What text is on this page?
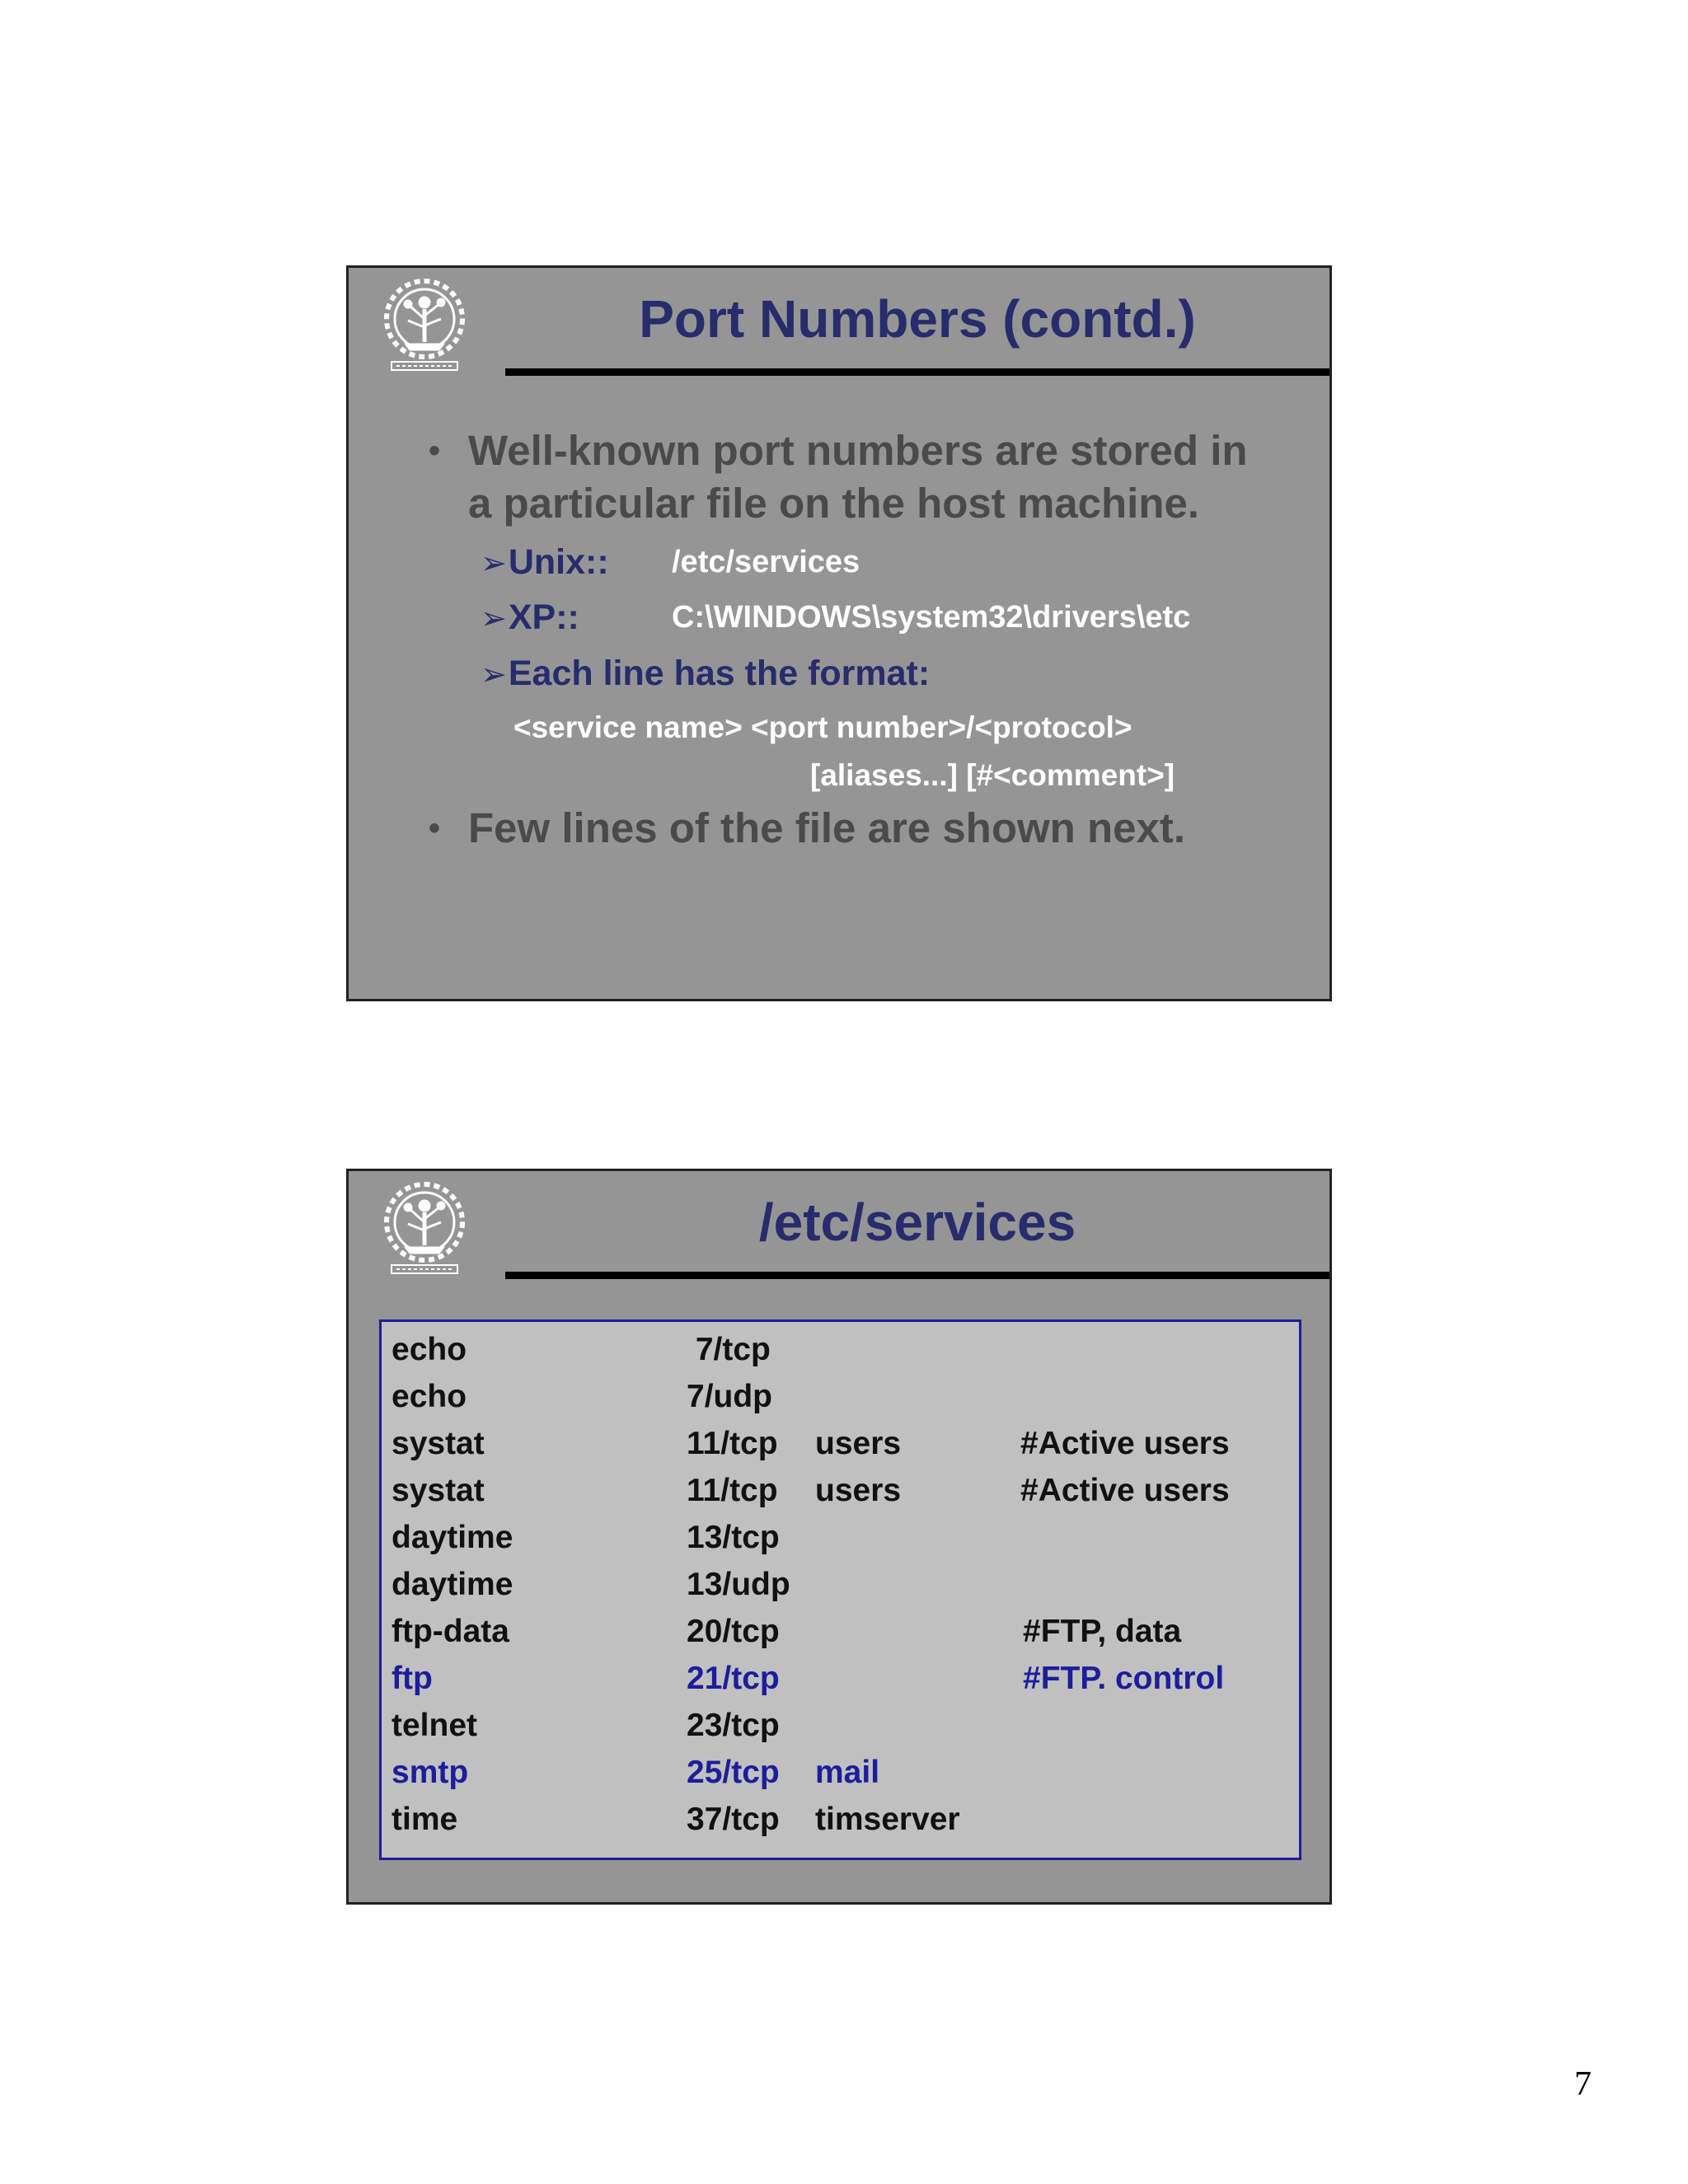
Port Numbers (contd.)
• Well-known port numbers are stored in
a particular file on the host machine.
➢Unix:: /etc/services
➢XP::	C:\WINDOWS\system32\drivers\etc
➢Each line has the format:
<service name> <port number>/<protocol>
[aliases...] [#<comment>]
• Few lines of the file are shown next.
/etc/services
echo	7/tcp
echo	7/udp
systat	11/tcp users	#Active users
systat	11/tcp users	#Active users
daytime	13/tcp
daytime	13/udp
ftp-data	20/tcp	#FTP, data
ftp	21/tcp	#FTP. control
telnet	23/tcp
smtp	25/tcp mail
time	37/tcp timserver
7
